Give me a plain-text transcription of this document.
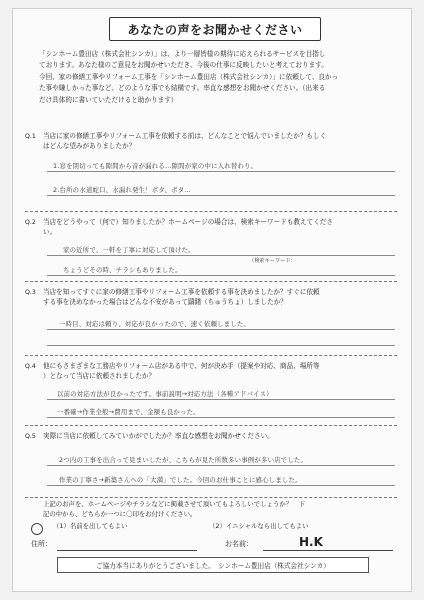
あなたの声をお聞かせください
「シンホーム豊田店（株式会社シンカ）」は、より一層皆様の期待に応えられるサービスを目指し
ております。あなた様のご意見をお聞かせいただき、今後の仕事に反映したいと考えております。
今回、家の修繕工事やリフォーム工事を「シンホーム豊田店（株式会社シンカ）」に依頼して、良かっ
た事や嫌しかった事など、どのような事でも結構です。率直な感想をお聞かせください。（出来る
だけ具体的に書いていただけると助かります）
Q.1 当店に家の修繕工事やリフォーム工事を依頼する前は、どんなことで悩んでいましたか？もしく
はどんな望みがありましたか？
1.窓を閉切っても隙間から音が漏れる…隙間が家の中に入れ替わり。
2.台所の水道蛇口、水漏れ発生！ポタ、ポタ…
Q.2 当店をどうやって（何で）知りましたか？ホームページの場合は、検索キーワードも教えてくださ
い。
家の近所で、一軒を丁寧に対応して頂けた。
（検索キーワード：
ちょうどその時、チラシもありました。
Q.3 当店を知ってすぐに家の修繕工事やリフォーム工事を依頼する事を決めましたか？すぐに依頼
する事を決めなかった場合はどんな不安があって躊躇（ちゅうちょ）しましたか？
一時目、対応は頼り、対応が良かったので、速く依頼しました。
Q.4 他にもさまざまな工務店やリフォーム店がある中で、何が決め手（提案や対応、商品、場所等
）となって当店に依頼されましたか？
以前の対応方法が良かったです。事前説明→対応方法（各種アドバイス）
一番確→作業全般→費用まで、金額も良かった。
Q.5 実際に当店に依頼してみていかがでしたか？率直な感想をお聞かせください。
2つ内の工事を出合って見まいしたが、こちらが見た所数多い事例が多い店でした。
作業の丁寧さ→新築さんへの「大満」でした。今回のお仕事ことに感心しました。
上記のお声を、ホームページやチラシなどに掲載させて頂いてもよろしいでしょうか？　下
記の中から、どちらか一つに〇印をお付けください。
（1）名前を出してもよい	（2）イニシャルなら出してもよい
住所：	お名前：	H.K
ご協力本当にありがとうございました。　シンホーム豊田店（株式会社シンカ）
